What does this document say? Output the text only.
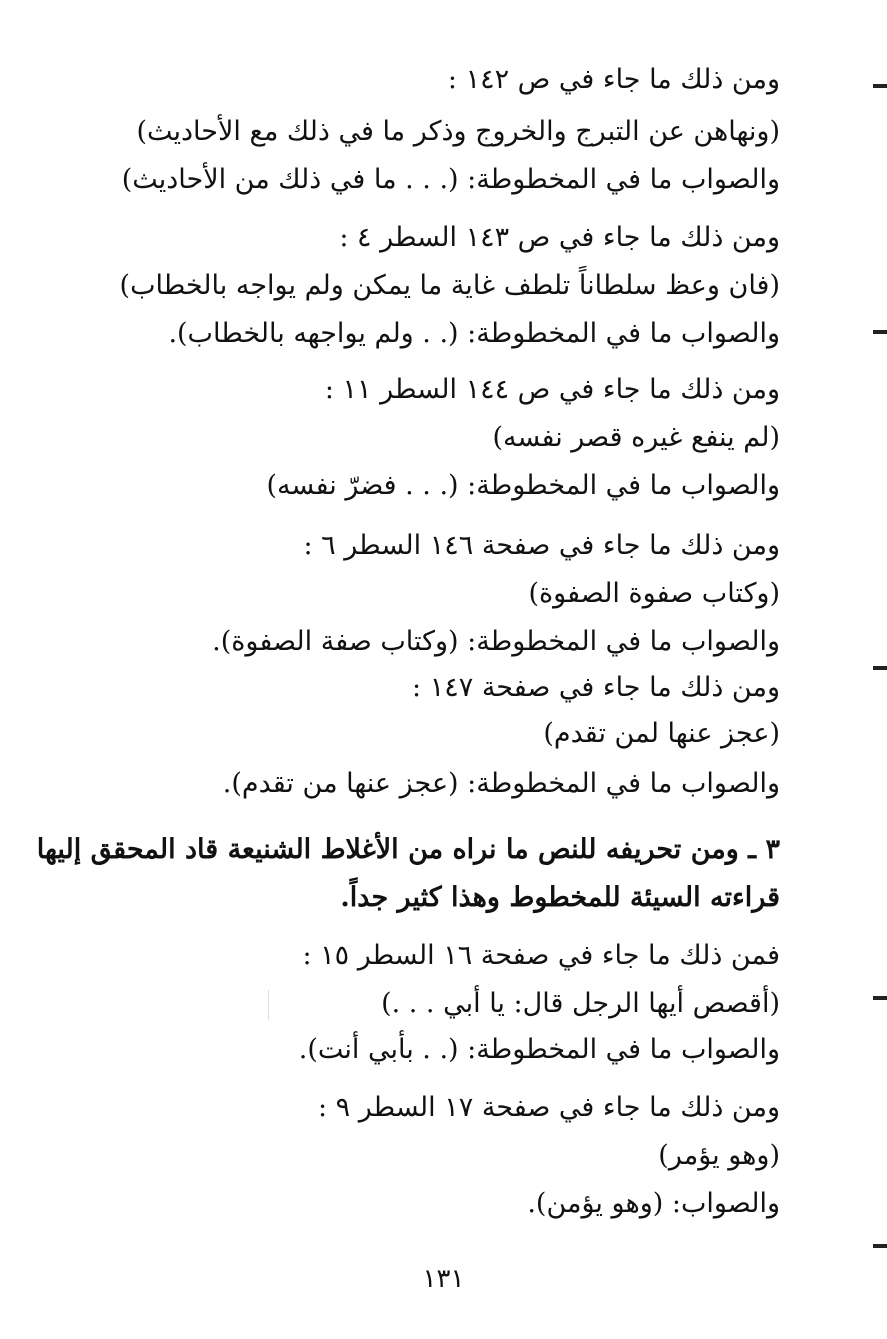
ومن ذلك ما جاء في ص ١٤٢ :
(ونهاهن عن التبرج والخروج وذكر ما في ذلك مع الأحاديث)
والصواب ما في المخطوطة: (. . . ما في ذلك من الأحاديث)
ومن ذلك ما جاء في ص ١٤٣ السطر ٤ :
(فان وعظ سلطاناً تلطف غاية ما يمكن ولم يواجه بالخطاب)
والصواب ما في المخطوطة: (. . ولم يواجهه بالخطاب).
ومن ذلك ما جاء في ص ١٤٤ السطر ١١ :
(لم ينفع غيره قصر نفسه)
والصواب ما في المخطوطة: (. . . فضرّ نفسه)
ومن ذلك ما جاء في صفحة ١٤٦ السطر ٦ :
(وكتاب صفوة الصفوة)
والصواب ما في المخطوطة: (وكتاب صفة الصفوة).
ومن ذلك ما جاء في صفحة ١٤٧ :
(عجز عنها لمن تقدم)
والصواب ما في المخطوطة: (عجز عنها من تقدم).
٣ ـ ومن تحريفه للنص ما نراه من الأغلاط الشنيعة قاد المحقق إليها
قراءته السيئة للمخطوط وهذا كثير جداً.
فمن ذلك ما جاء في صفحة ١٦ السطر ١٥ :
(أقصص أيها الرجل قال: يا أبي . . .)
والصواب ما في المخطوطة: (. . بأبي أنت).
ومن ذلك ما جاء في صفحة ١٧ السطر ٩ :
(وهو يؤمر)
والصواب: (وهو يؤمن).
١٣١
